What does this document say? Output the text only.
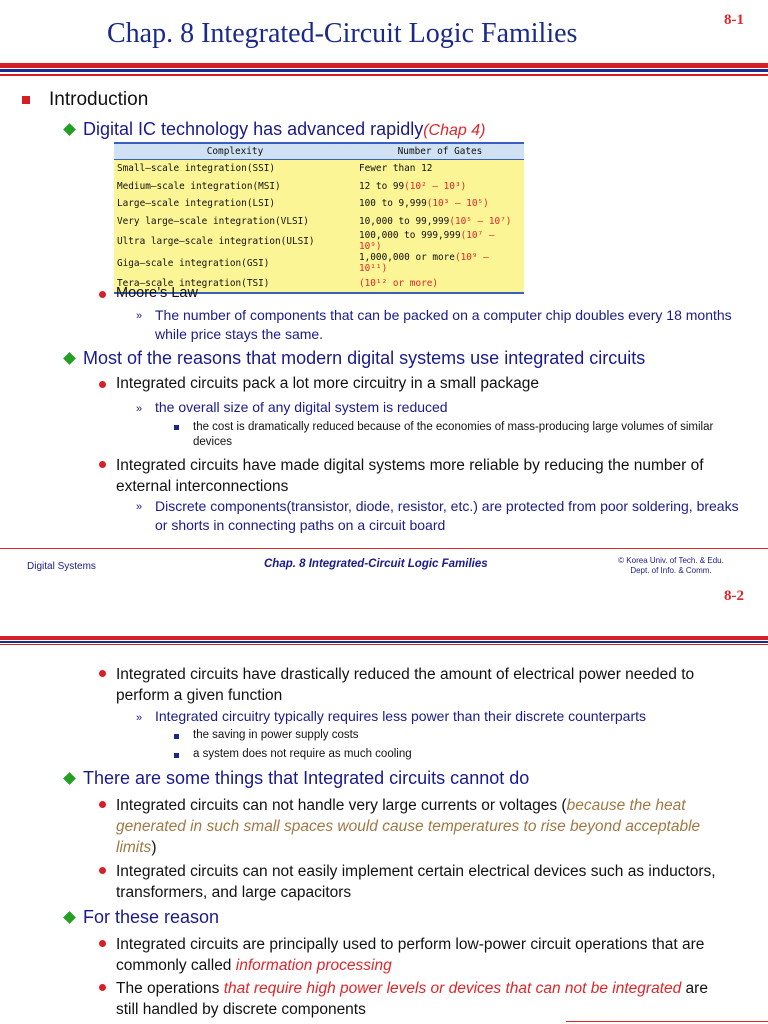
Chap. 8 Integrated-Circuit Logic Families	8-1
Introduction
Digital IC technology has advanced rapidly(Chap 4)
Complexity	Number of Gates
Small–scale integration(SSI)	Fewer than 12
Medium–scale integration(MSI)	12 to 99(10² – 10³)
Large–scale integration(LSI)	100 to 9,999(10³ – 10⁵)
Very large–scale integration(VLSI)	10,000 to 99,999(10⁵ – 10⁷)
Ultra large–scale integration(ULSI)	100,000 to 999,999(10⁷ – 10⁹)
Giga–scale integration(GSI)	1,000,000 or more(10⁹ – 10¹¹)
Tera–scale integration(TSI)	(10¹² or more)
Moore’s Law
» The number of components that can be packed on a computer chip doubles every 18 months while price stays the same.
Most of the reasons that modern digital systems use integrated circuits
Integrated circuits pack a lot more circuitry in a small package
» the overall size of any digital system is reduced
the cost is dramatically reduced because of the economies of mass-producing large volumes of similar devices
Integrated circuits have made digital systems more reliable by reducing the number of external interconnections
» Discrete components(transistor, diode, resistor, etc.) are protected from poor soldering, breaks or shorts in connecting paths on a circuit board
Digital Systems	Chap. 8 Integrated-Circuit Logic Families	© Korea Univ. of Tech. & Edu.
Dept. of Info. & Comm.
8-2
Integrated circuits have drastically reduced the amount of electrical power needed to perform a given function
» Integrated circuitry typically requires less power than their discrete counterparts
the saving in power supply costs
a system does not require as much cooling
There are some things that Integrated circuits cannot do
Integrated circuits can not handle very large currents or voltages (because the heat generated in such small spaces would cause temperatures to rise beyond acceptable limits)
Integrated circuits can not easily implement certain electrical devices such as inductors, transformers, and large capacitors
For these reason
Integrated circuits are principally used to perform low-power circuit operations that are commonly called information processing
The operations that require high power levels or devices that can not be integrated are still handled by discrete components
